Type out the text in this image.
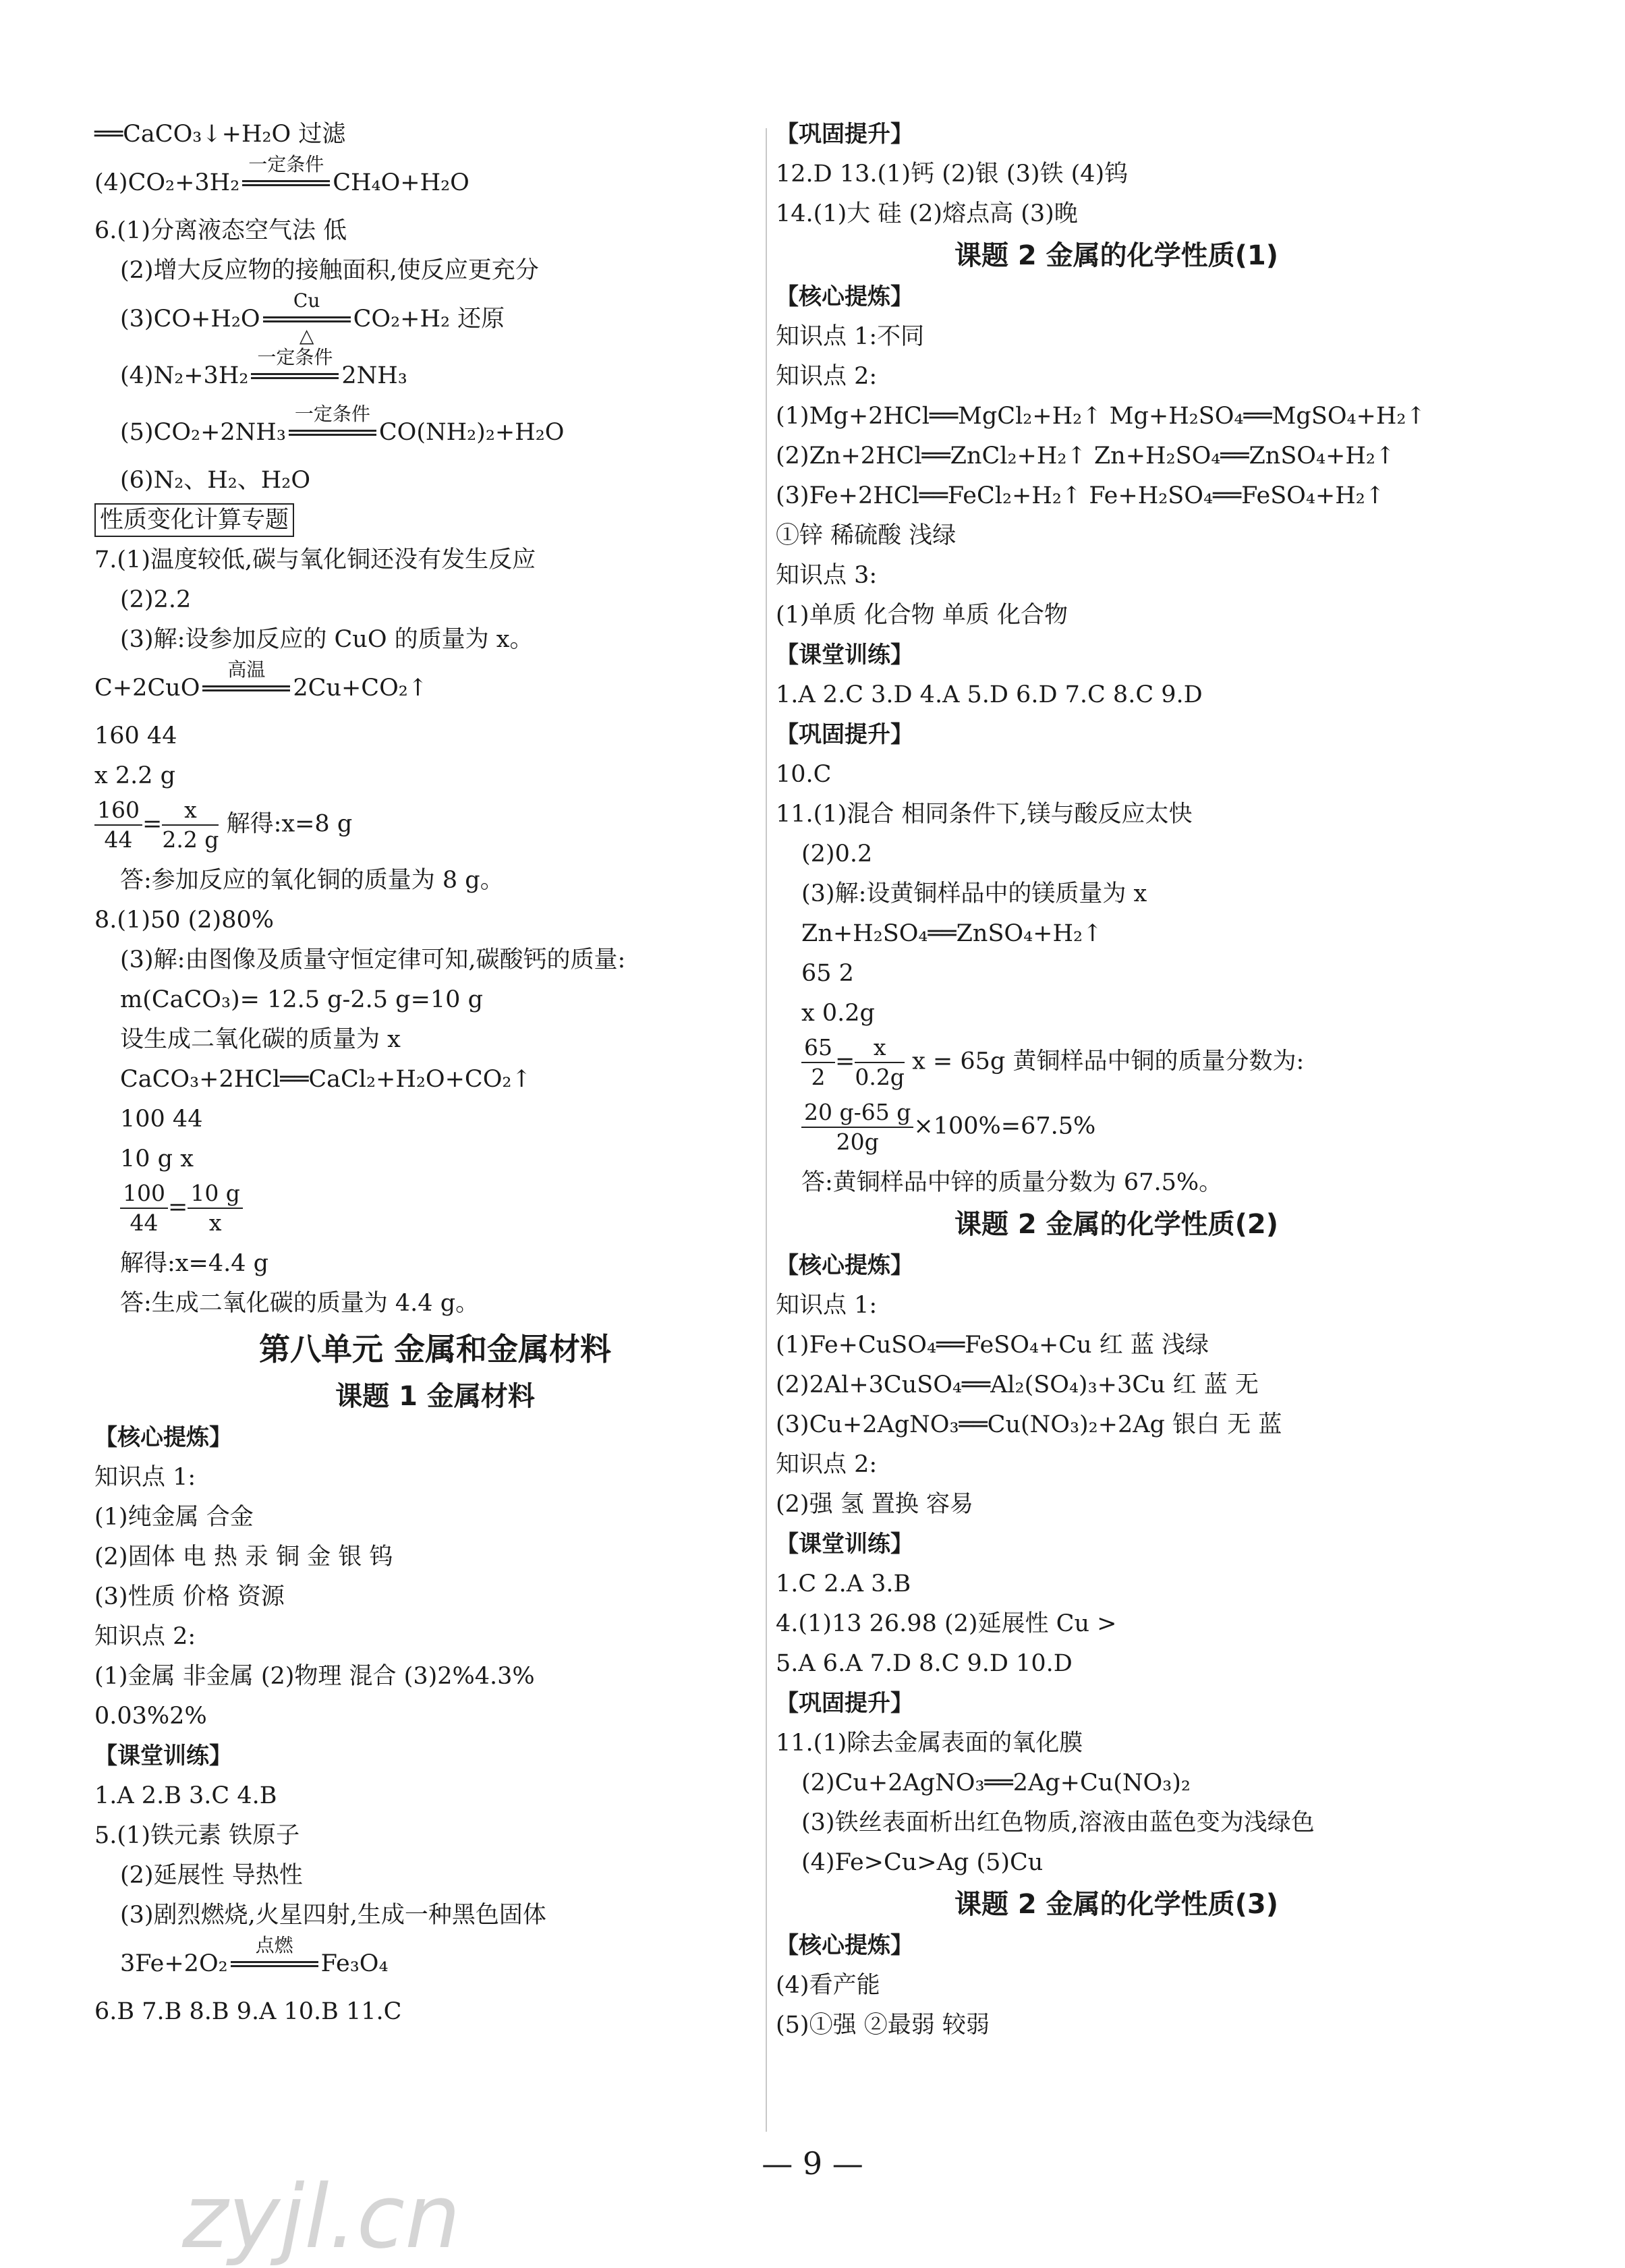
══CaCO₃↓+H₂O 过滤
(4)CO₂+3H₂
一定条件
CH₄O+H₂O
6.(1)分离液态空气法 低
(2)增大反应物的接触面积,使反应更充分
(3)CO+H₂O
Cu
△
CO₂+H₂ 还原
(4)N₂+3H₂
一定条件
2NH₃
(5)CO₂+2NH₃
一定条件
CO(NH₂)₂+H₂O
(6)N₂、H₂、H₂O
性质变化计算专题
7.(1)温度较低,碳与氧化铜还没有发生反应
(2)2.2
(3)解:设参加反应的 CuO 的质量为 x。
C+2CuO
高温
2Cu+CO₂↑
160 44
x 2.2 g
$\frac{160}{44} = \frac{x}{2.2 g}$ 解得:x=8 g
答:参加反应的氧化铜的质量为 8 g。
8.(1)50 (2)80%
(3)解:由图像及质量守恒定律可知,碳酸钙的质量:
m(CaCO₃)= 12.5 g-2.5 g=10 g
设生成二氧化碳的质量为 x
CaCO₃+2HCl══CaCl₂+H₂O+CO₂↑
100 44
10 g x
$\frac{100}{44} = \frac{10 g}{x}$
解得:x=4.4 g
答:生成二氧化碳的质量为 4.4 g。
第八单元 金属和金属材料
课题 1 金属材料
【核心提炼】
知识点 1:
(1)纯金属 合金
(2)固体 电 热 汞 铜 金 银 钨
(3)性质 价格 资源
知识点 2:
(1)金属 非金属 (2)物理 混合 (3)2%4.3%
0.03%2%
【课堂训练】
1.A 2.B 3.C 4.B
5.(1)铁元素 铁原子
(2)延展性 导热性
(3)剧烈燃烧,火星四射,生成一种黑色固体
3Fe+2O₂
点燃
Fe₃O₄
6.B 7.B 8.B 9.A 10.B 11.C
【巩固提升】
12.D 13.(1)钙 (2)银 (3)铁 (4)钨
14.(1)大 硅 (2)熔点高 (3)晚
课题 2 金属的化学性质(1)
【核心提炼】
知识点 1:不同
知识点 2:
(1)Mg+2HCl══MgCl₂+H₂↑ Mg+H₂SO₄══MgSO₄+H₂↑
(2)Zn+2HCl══ZnCl₂+H₂↑ Zn+H₂SO₄══ZnSO₄+H₂↑
(3)Fe+2HCl══FeCl₂+H₂↑ Fe+H₂SO₄══FeSO₄+H₂↑
①锌 稀硫酸 浅绿
知识点 3:
(1)单质 化合物 单质 化合物
【课堂训练】
1.A 2.C 3.D 4.A 5.D 6.D 7.C 8.C 9.D
【巩固提升】
10.C
11.(1)混合 相同条件下,镁与酸反应太快
(2)0.2
(3)解:设黄铜样品中的镁质量为 x
Zn+H₂SO₄══ZnSO₄+H₂↑
65 2
x 0.2g
$\frac{65}{2} = \frac{x}{0.2g}$ x = 65g 黄铜样品中铜的质量分数为:
$\frac{20 g-65 g}{20g} \times 100\%=67.5\%$
答:黄铜样品中锌的质量分数为 67.5%。
课题 2 金属的化学性质(2)
【核心提炼】
知识点 1:
(1)Fe+CuSO₄══FeSO₄+Cu 红 蓝 浅绿
(2)2Al+3CuSO₄══Al₂(SO₄)₃+3Cu 红 蓝 无
(3)Cu+2AgNO₃══Cu(NO₃)₂+2Ag 银白 无 蓝
知识点 2:
(2)强 氢 置换 容易
【课堂训练】
1.C 2.A 3.B
4.(1)13 26.98 (2)延展性 Cu >
5.A 6.A 7.D 8.C 9.D 10.D
【巩固提升】
11.(1)除去金属表面的氧化膜
(2)Cu+2AgNO₃══2Ag+Cu(NO₃)₂
(3)铁丝表面析出红色物质,溶液由蓝色变为浅绿色
(4)Fe>Cu>Ag (5)Cu
课题 2 金属的化学性质(3)
【核心提炼】
(4)看产能
(5)①强 ②最弱 较弱
— 9 —
zyjl.cn
